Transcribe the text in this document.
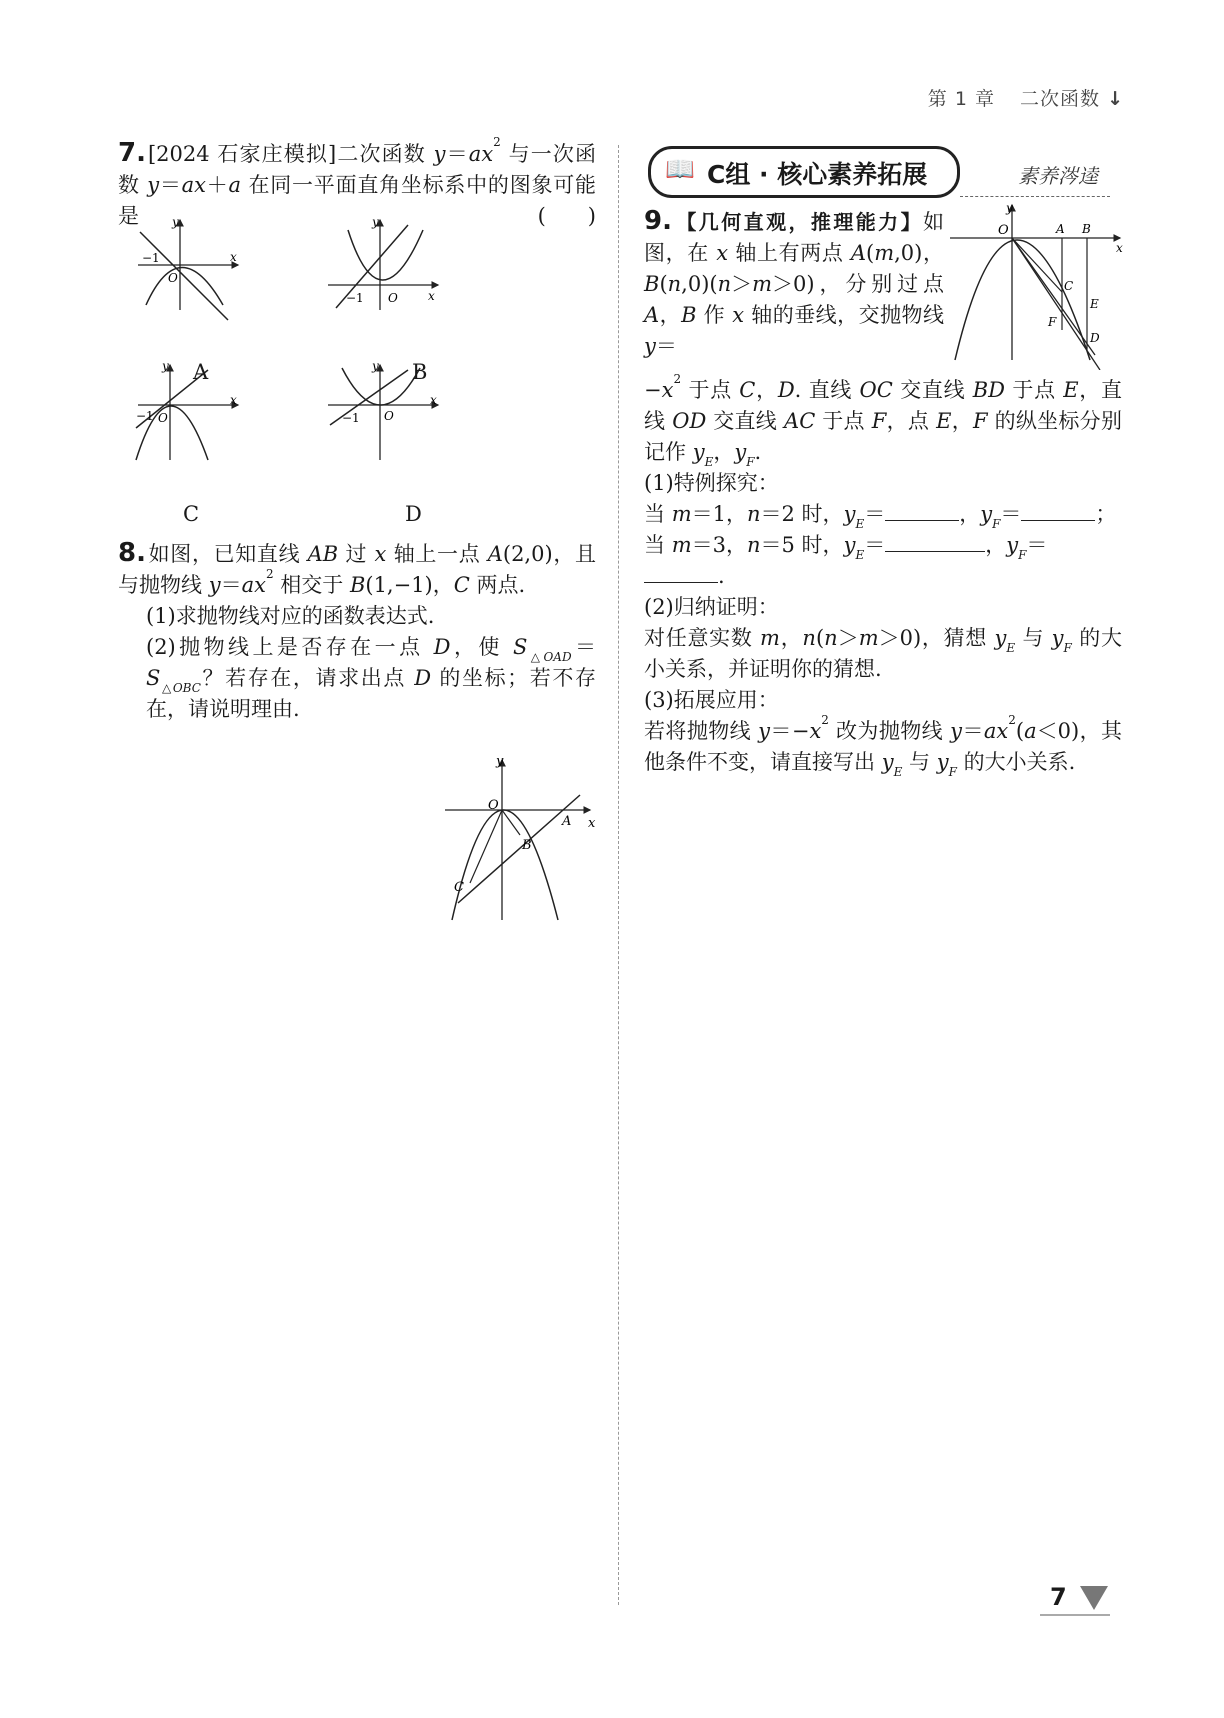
第 1 章 二次函数 ↓

7.[2024 石家庄模拟]二次函数 $y=ax^2$ 与一次函数 y＝ax＋a 在同一平面直角坐标系中的图象可能是	(　　)

−1
O
x
y
−1 O	x
y
−1 O
x
y
−1 O
x
y
A	B
C	D

8.如图，已知直线 AB 过 x 轴上一点 A(2,0)，且与抛物线 $y=ax^2$ 相交于 B(1,−1)，C 两点.

(1)求抛物线对应的函数表达式.

(2)抛物线上是否存在一点 D，使 S△OAD＝S△OBC？若存在，请求出点 D 的坐标；若不存在，请说明理由.

y
x
O
A
B
C
📖 C组 · 核心素养拓展	素养涔逵
y
x
O	A B
C
E
F
D

9. 【几何直观，推理能力】如图，在 x 轴上有两点 A(m,0)，B(n,0)(n＞m＞0)，分别过点 A，B 作 x 轴的垂线，交抛物线 y＝

$-x^2$ 于点 C，D. 直线 OC 交直线 BD 于点 E，直线 OD 交直线 AC 于点 F，点 E，F 的纵坐标分别记作 yE，yF.

(1)特例探究：

当 m＝1，n＝2 时，yE＝	，yF＝	；

当 m＝3，n＝5 时，yE＝	，yF＝

.

(2)归纳证明：

对任意实数 m，n(n＞m＞0)，猜想 yE 与 yF 的大小关系，并证明你的猜想.

(3)拓展应用：

若将抛物线 $y=-x^2$ 改为抛物线 $y=ax^2(a<0)$，其他条件不变，请直接写出 yE 与 yF 的大小关系.

7
